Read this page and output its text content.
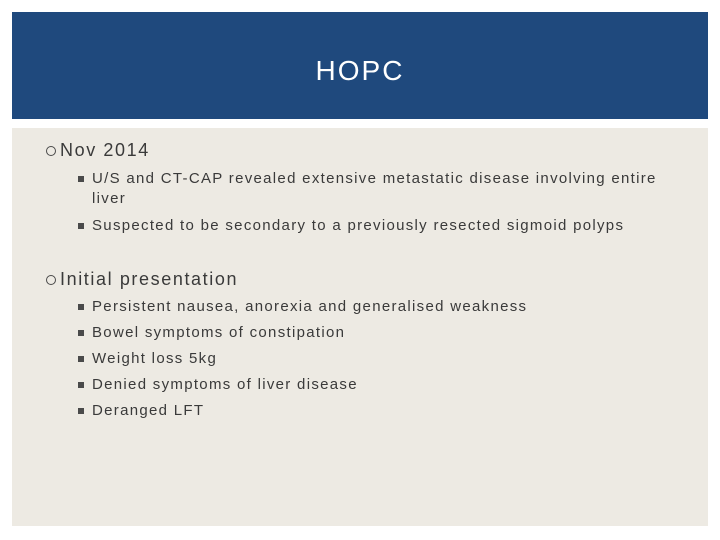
HOPC
Nov 2014
U/S and CT-CAP revealed extensive metastatic disease involving entire liver
Suspected to be secondary to a previously resected sigmoid polyps
Initial presentation
Persistent nausea, anorexia and generalised weakness
Bowel symptoms of constipation
Weight loss 5kg
Denied symptoms of liver disease
Deranged LFT
